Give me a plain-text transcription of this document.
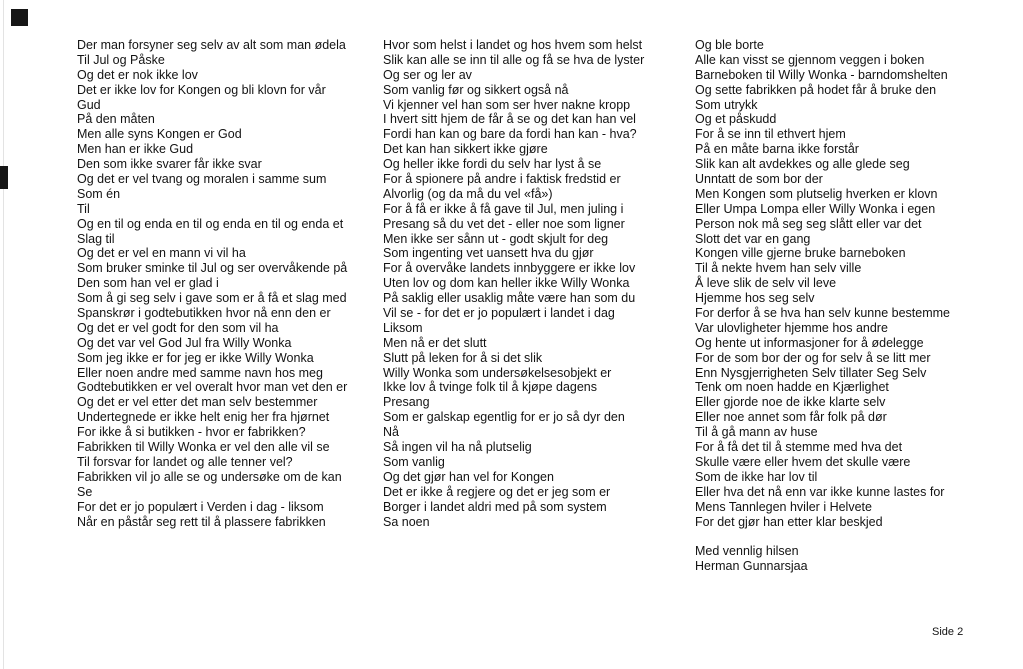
Der man forsyner seg selv av alt som man ødela
Til Jul og Påske
Og det er nok ikke lov
Det er ikke lov for Kongen og bli klovn for vår
Gud
På den måten
Men alle syns Kongen er God
Men han er ikke Gud
Den som ikke svarer får ikke svar
Og det er vel tvang og moralen i samme sum
Som én
Til
Og en til og enda en til og enda en til og enda et
Slag til
Og det er vel en mann vi vil ha
Som bruker sminke til Jul og ser overvåkende på
Den som han vel er glad i
Som å gi seg selv i gave som er å få et slag med
Spanskrør i godtebutikken hvor nå enn den er
Og det er vel godt for den som vil ha
Og det var vel God Jul fra Willy Wonka
Som jeg ikke er for jeg er ikke Willy Wonka
Eller noen andre med samme navn hos meg
Godtebutikken er vel overalt hvor man vet den er
Og det er vel etter det man selv bestemmer
Undertegnede er ikke helt enig her fra hjørnet
For ikke å si butikken - hvor er fabrikken?
Fabrikken til Willy Wonka er vel den alle vil se
Til forsvar for landet og alle tenner vel?
Fabrikken vil jo alle se og undersøke om de kan
Se
For det er jo populært i Verden i dag - liksom
Når en påstår seg rett til å plassere fabrikken
Hvor som helst i landet og hos hvem som helst
Slik kan alle se inn til alle og få se hva de lyster
Og ser og ler av
Som vanlig før og sikkert også nå
Vi kjenner vel han som ser hver nakne kropp
I hvert sitt hjem de får å se og det kan han vel
Fordi han kan og bare da fordi han kan - hva?
Det kan han sikkert ikke gjøre
Og heller ikke fordi du selv har lyst å se
For å spionere på andre i faktisk fredstid er
Alvorlig (og da må du vel «få»)
For å få er ikke å få gave til Jul, men juling i
Presang så du vet det - eller noe som ligner
Men ikke ser sånn ut - godt skjult for deg
Som ingenting vet uansett hva du gjør
For å overvåke landets innbyggere er ikke lov
Uten lov og dom kan heller ikke Willy Wonka
På saklig eller usaklig måte være han som du
Vil se - for det er jo populært i landet i dag
Liksom
Men nå er det slutt
Slutt på leken for å si det slik
Willy Wonka som undersøkelsesobjekt er
Ikke lov å tvinge folk til å kjøpe dagens
Presang
Som er galskap egentlig for er jo så dyr den
Nå
Så ingen vil ha nå plutselig
Som vanlig
Og det gjør han vel for Kongen
Det er ikke å regjere og det er jeg som er
Borger i landet aldri med på som system
Sa noen
Og ble borte
Alle kan visst se gjennom veggen i boken
Barneboken til Willy Wonka - barndomshelten
Og sette fabrikken på hodet får å bruke den
Som utrykk
Og et påskudd
For å se inn til ethvert hjem
På en måte barna ikke forstår
Slik kan alt avdekkes og alle glede seg
Unntatt de som bor der
Men Kongen som plutselig hverken er klovn
Eller Umpa Lompa eller Willy Wonka i egen
Person nok må seg seg slått eller var det
Slott det var en gang
Kongen ville gjerne bruke barneboken
Til å nekte hvem han selv ville
Å leve slik de selv vil leve
Hjemme hos seg selv
For derfor å se hva han selv kunne bestemme
Var ulovligheter hjemme hos andre
Og hente ut informasjoner for å ødelegge
For de som bor der og for selv å se litt mer
Enn Nysgjerrigheten Selv tillater Seg Selv
Tenk om noen hadde en Kjærlighet
Eller gjorde noe de ikke klarte selv
Eller noe annet som får folk på dør
Til å gå mann av huse
For å få det til å stemme med hva det
Skulle være eller hvem det skulle være
Som de ikke har lov til
Eller hva det nå enn var ikke kunne lastes for
Mens Tannlegen hviler i Helvete
For det gjør han etter klar beskjed
Med vennlig hilsen
Herman Gunnarsjaa
Side 2
